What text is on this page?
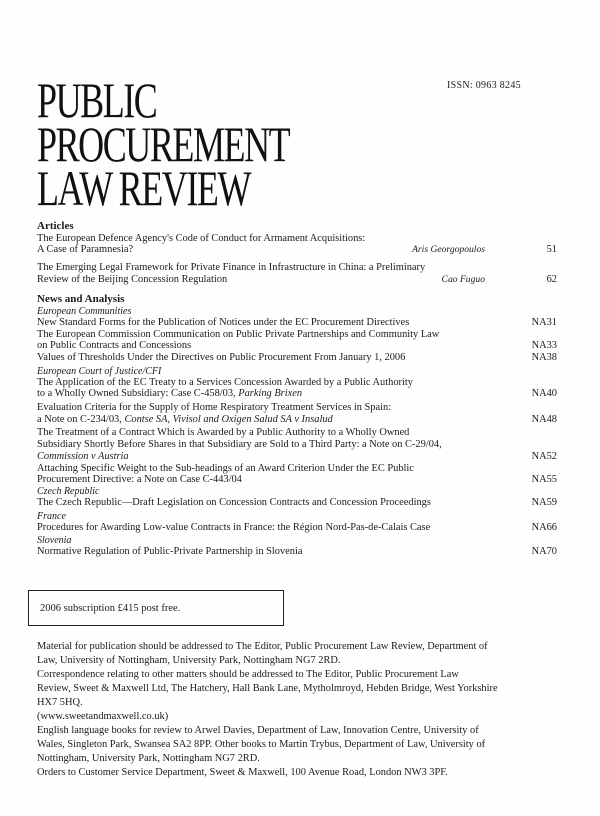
PUBLIC
PROCUREMENT
LAW REVIEW
ISSN: 0963 8245
Articles
The European Defence Agency's Code of Conduct for Armament Acquisitions:
A Case of Paramnesia?	Aris Georgopoulos	51
The Emerging Legal Framework for Private Finance in Infrastructure in China: a Preliminary
Review of the Beijing Concession Regulation	Cao Fuguo	62
News and Analysis
European Communities
New Standard Forms for the Publication of Notices under the EC Procurement Directives	NA31
The European Commission Communication on Public Private Partnerships and Community Law
on Public Contracts and Concessions	NA33
Values of Thresholds Under the Directives on Public Procurement From January 1, 2006	NA38
European Court of Justice/CFI
The Application of the EC Treaty to a Services Concession Awarded by a Public Authority
to a Wholly Owned Subsidiary: Case C-458/03, Parking Brixen	NA40
Evaluation Criteria for the Supply of Home Respiratory Treatment Services in Spain:
a Note on C-234/03, Contse SA, Vivisol and Oxigen Salud SA v Insalud	NA48
The Treatment of a Contract Which is Awarded by a Public Authority to a Wholly Owned
Subsidiary Shortly Before Shares in that Subsidiary are Sold to a Third Party: a Note on C-29/04,
Commission v Austria	NA52
Attaching Specific Weight to the Sub-headings of an Award Criterion Under the EC Public
Procurement Directive: a Note on Case C-443/04	NA55
Czech Republic
The Czech Republic—Draft Legislation on Concession Contracts and Concession Proceedings	NA59
France
Procedures for Awarding Low-value Contracts in France: the Région Nord-Pas-de-Calais Case	NA66
Slovenia
Normative Regulation of Public-Private Partnership in Slovenia	NA70
2006 subscription £415 post free.
Material for publication should be addressed to The Editor, Public Procurement Law Review, Department of
Law, University of Nottingham, University Park, Nottingham NG7 2RD.
Correspondence relating to other matters should be addressed to The Editor, Public Procurement Law
Review, Sweet & Maxwell Ltd, The Hatchery, Hall Bank Lane, Mytholmroyd, Hebden Bridge, West Yorkshire
HX7 5HQ.
(www.sweetandmaxwell.co.uk)
English language books for review to Arwel Davies, Department of Law, Innovation Centre, University of
Wales, Singleton Park, Swansea SA2 8PP. Other books to Martin Trybus, Department of Law, University of
Nottingham, University Park, Nottingham NG7 2RD.
Orders to Customer Service Department, Sweet & Maxwell, 100 Avenue Road, London NW3 3PF.
